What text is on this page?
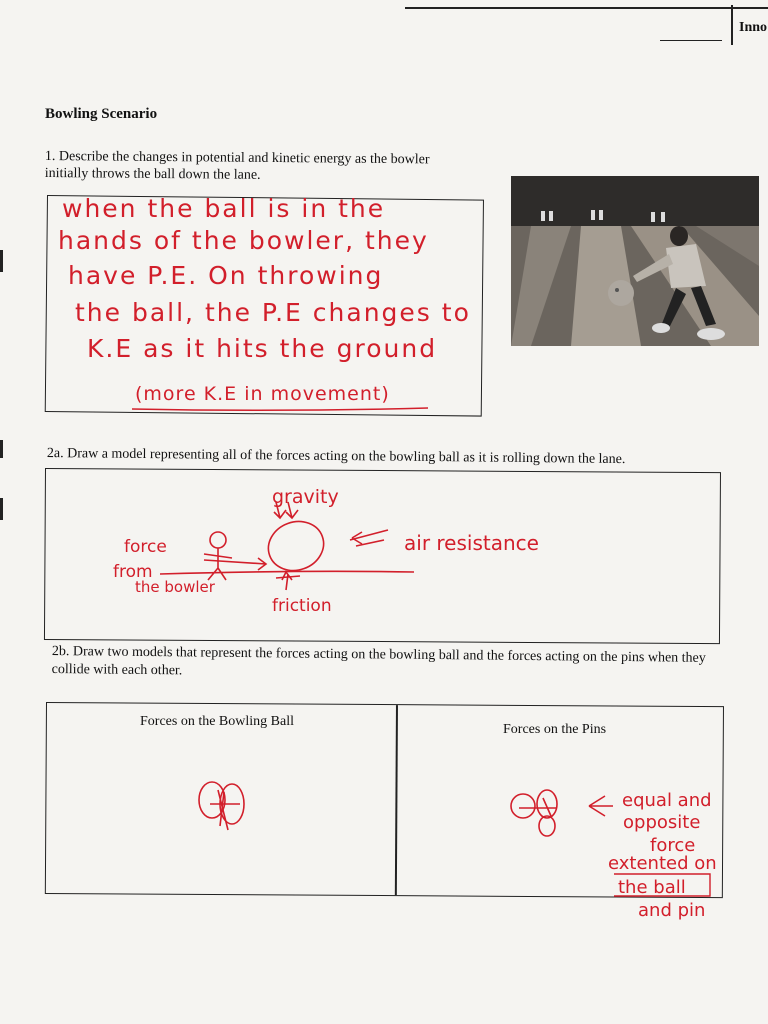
Inno
Bowling Scenario
1. Describe the changes in potential and kinetic energy as the bowler initially throws the ball down the lane.
when the ball is in the
hands of the bowler, they
have P.E. On throwing
the ball, the P.E changes to
K.E as it hits the ground
(more K.E in movement)
2a. Draw a model representing all of the forces acting on the bowling ball as it is rolling down the lane.
gravity
air resistance
force
from
the bowler
friction
2b. Draw two models that represent the forces acting on the bowling ball and the forces acting on the pins when they collide with each other.
Forces on the Bowling Ball
Forces on the Pins
equal and
opposite
force
extented on
the ball
and pin
